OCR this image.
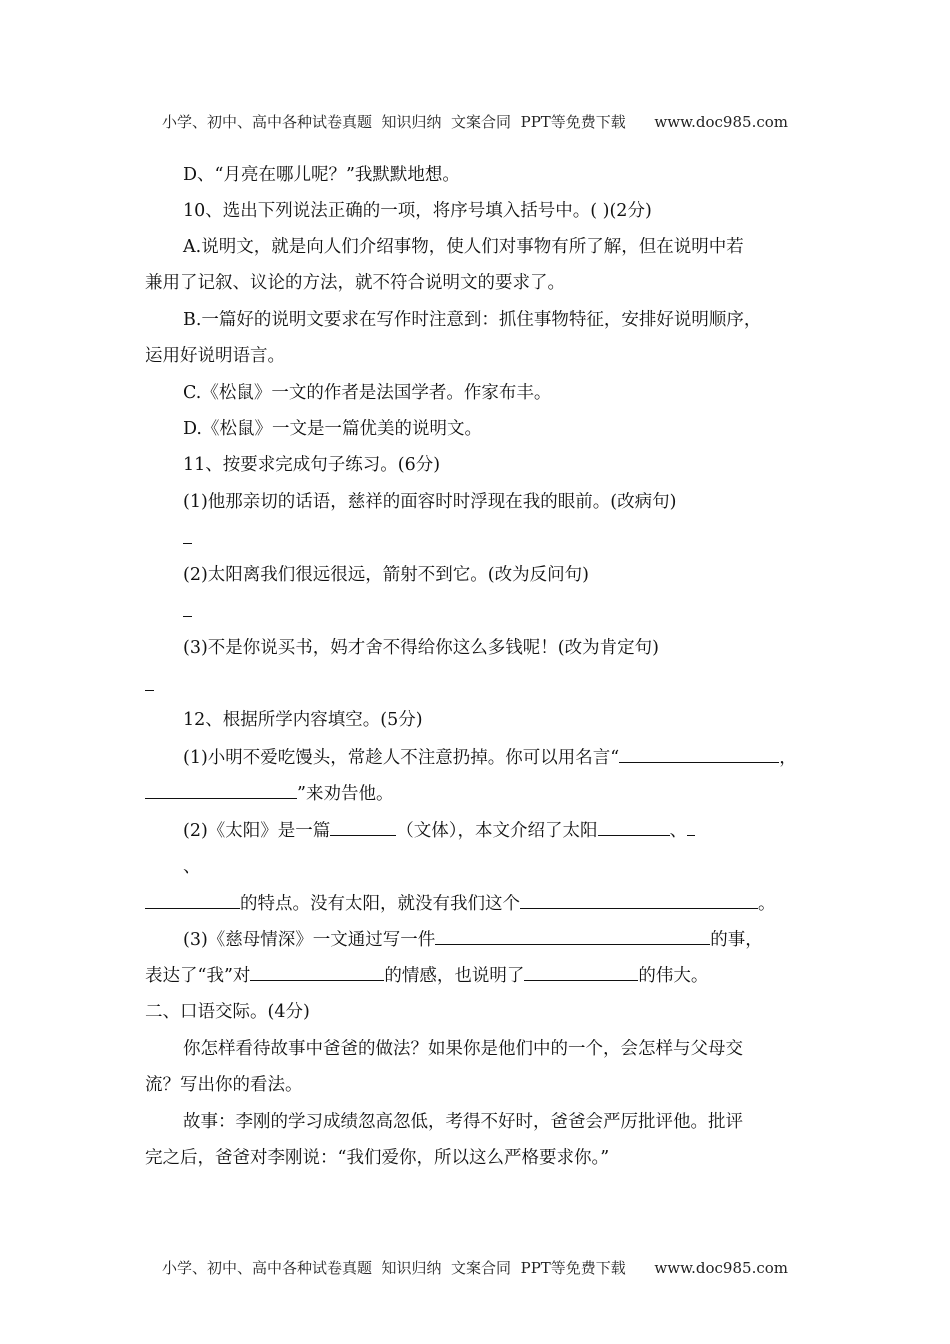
小学、初中、高中各种试卷真题  知识归纳  文案合同  PPT等免费下载      www.doc985.com
D、“月亮在哪儿呢？”我默默地想。
10、选出下列说法正确的一项，将序号填入括号中。( )(2分)
A.说明文，就是向人们介绍事物，使人们对事物有所了解，但在说明中若
兼用了记叙、议论的方法，就不符合说明文的要求了。
B.一篇好的说明文要求在写作时注意到：抓住事物特征，安排好说明顺序，
运用好说明语言。
C.《松鼠》一文的作者是法国学者。作家布丰。
D.《松鼠》一文是一篇优美的说明文。
11、按要求完成句子练习。(6分)
(1)他那亲切的话语，慈祥的面容时时浮现在我的眼前。(改病句)
(2)太阳离我们很远很远，箭射不到它。(改为反问句)
(3)不是你说买书，妈才舍不得给你这么多钱呢！(改为肯定句)
12、根据所学内容填空。(5分)
(1)小明不爱吃馒头，常趁人不注意扔掉。你可以用名言“	，
”来劝告他。
(2)《太阳》是一篇	（文体），本文介绍了太阳	、
、
的特点。没有太阳，就没有我们这个	。
(3)《慈母情深》一文通过写一件	的事，
表达了“我”对	的情感，也说明了	的伟大。
二、口语交际。(4分)
你怎样看待故事中爸爸的做法？如果你是他们中的一个，会怎样与父母交
流？写出你的看法。
故事：李刚的学习成绩忽高忽低，考得不好时，爸爸会严厉批评他。批评
完之后，爸爸对李刚说：“我们爱你，所以这么严格要求你。”
小学、初中、高中各种试卷真题  知识归纳  文案合同  PPT等免费下载      www.doc985.com
